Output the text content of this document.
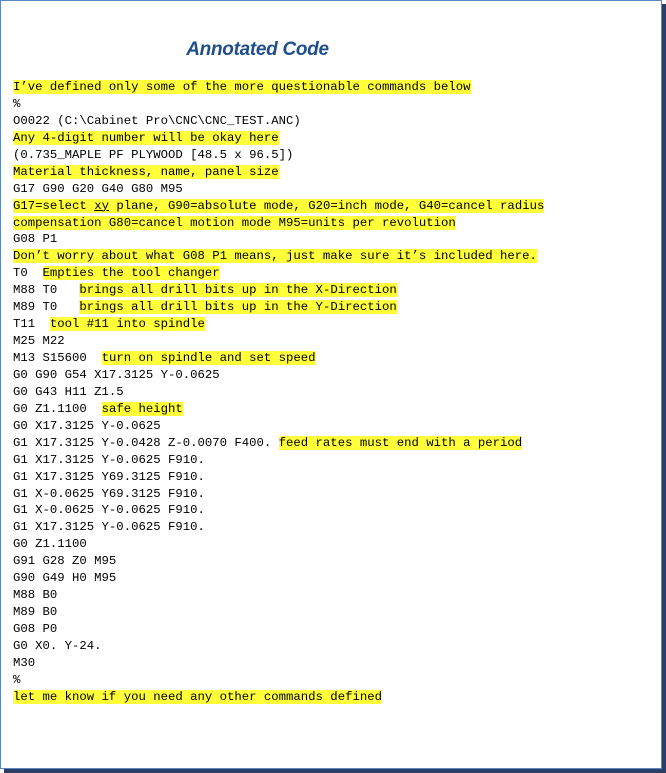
Annotated Code
I’ve defined only some of the more questionable commands below
%
O0022 (C:\Cabinet Pro\CNC\CNC_TEST.ANC)
Any 4-digit number will be okay here
(0.735_MAPLE PF PLYWOOD [48.5 x 96.5])
Material thickness, name, panel size
G17 G90 G20 G40 G80 M95
G17=select xy plane, G90=absolute mode, G20=inch mode, G40=cancel radius
compensation G80=cancel motion mode M95=units per revolution
G08 P1
Don’t worry about what G08 P1 means, just make sure it’s included here.
T0  Empties the tool changer
M88 T0   brings all drill bits up in the X-Direction
M89 T0   brings all drill bits up in the Y-Direction
T11  tool #11 into spindle
M25 M22
M13 S15600  turn on spindle and set speed
G0 G90 G54 X17.3125 Y-0.0625
G0 G43 H11 Z1.5
G0 Z1.1100  safe height
G0 X17.3125 Y-0.0625
G1 X17.3125 Y-0.0428 Z-0.0070 F400. feed rates must end with a period
G1 X17.3125 Y-0.0625 F910.
G1 X17.3125 Y69.3125 F910.
G1 X-0.0625 Y69.3125 F910.
G1 X-0.0625 Y-0.0625 F910.
G1 X17.3125 Y-0.0625 F910.
G0 Z1.1100
G91 G28 Z0 M95
G90 G49 H0 M95
M88 B0
M89 B0
G08 P0
G0 X0. Y-24.
M30
%
let me know if you need any other commands defined
